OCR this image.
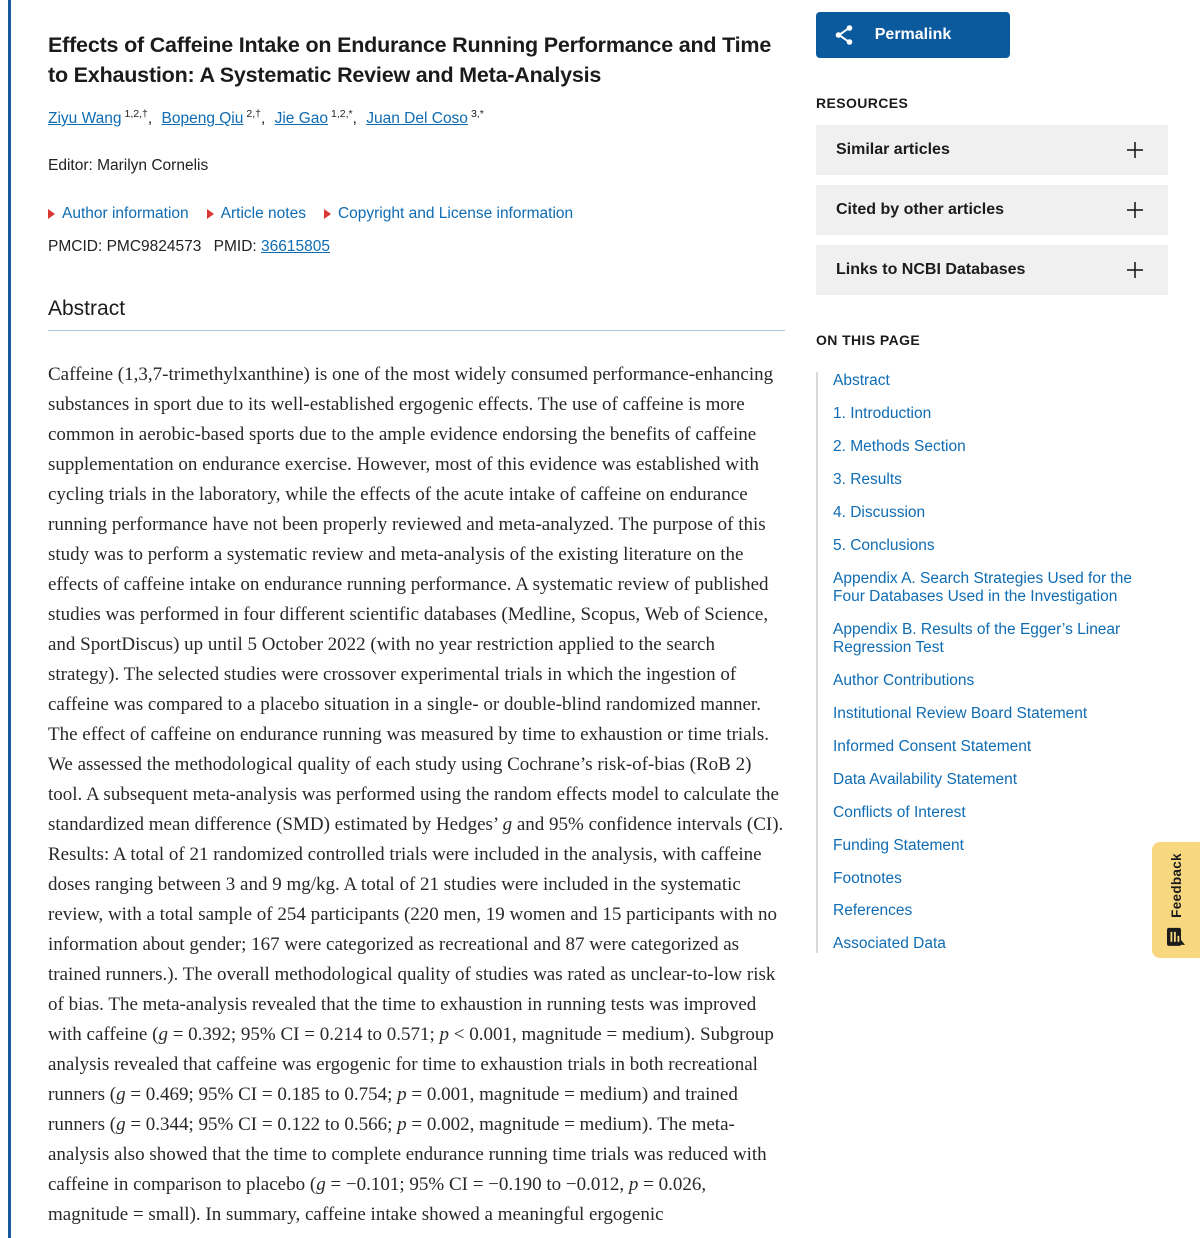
Effects of Caffeine Intake on Endurance Running Performance and Time to Exhaustion: A Systematic Review and Meta-Analysis
Ziyu Wang $^{1,2,\dagger}$, Bopeng Qiu $^{2,\dagger}$, Jie Gao $^{1,2,*}$, Juan Del Coso $^{3,*}$

Editor: Marilyn Cornelis

Author information Article notes Copyright and License information

PMCID: PMC9824573 PMID: 36615805

Abstract

Caffeine (1,3,7-trimethylxanthine) is one of the most widely consumed performance-enhancing substances in sport due to its well-established ergogenic effects. The use of caffeine is more common in aerobic-based sports due to the ample evidence endorsing the benefits of caffeine supplementation on endurance exercise. However, most of this evidence was established with cycling trials in the laboratory, while the effects of the acute intake of caffeine on endurance running performance have not been properly reviewed and meta-analyzed. The purpose of this study was to perform a systematic review and meta-analysis of the existing literature on the effects of caffeine intake on endurance running performance. A systematic review of published studies was performed in four different scientific databases (Medline, Scopus, Web of Science, and SportDiscus) up until 5 October 2022 (with no year restriction applied to the search strategy). The selected studies were crossover experimental trials in which the ingestion of caffeine was compared to a placebo situation in a single- or double-blind randomized manner. The effect of caffeine on endurance running was measured by time to exhaustion or time trials. We assessed the methodological quality of each study using Cochrane’s risk-of-bias (RoB 2) tool. A subsequent meta-analysis was performed using the random effects model to calculate the standardized mean difference (SMD) estimated by Hedges’ g and 95% confidence intervals (CI). Results: A total of 21 randomized controlled trials were included in the analysis, with caffeine doses ranging between 3 and 9 mg/kg. A total of 21 studies were included in the systematic review, with a total sample of 254 participants (220 men, 19 women and 15 participants with no information about gender; 167 were categorized as recreational and 87 were categorized as trained runners.). The overall methodological quality of studies was rated as unclear-to-low risk of bias. The meta-analysis revealed that the time to exhaustion in running tests was improved with caffeine (g = 0.392; 95% CI = 0.214 to 0.571; p < 0.001, magnitude = medium). Subgroup analysis revealed that caffeine was ergogenic for time to exhaustion trials in both recreational runners (g = 0.469; 95% CI = 0.185 to 0.754; p = 0.001, magnitude = medium) and trained runners (g = 0.344; 95% CI = 0.122 to 0.566; p = 0.002, magnitude = medium). The meta-analysis also showed that the time to complete endurance running time trials was reduced with caffeine in comparison to placebo (g = −0.101; 95% CI = −0.190 to −0.012, p = 0.026, magnitude = small). In summary, caffeine intake showed a meaningful ergogenic

Permalink
RESOURCES
Similar articles
Cited by other articles
Links to NCBI Databases
ON THIS PAGE
Abstract
1. Introduction
2. Methods Section
3. Results
4. Discussion
5. Conclusions
Appendix A. Search Strategies Used for the Four Databases Used in the Investigation
Appendix B. Results of the Egger’s Linear Regression Test
Author Contributions
Institutional Review Board Statement
Informed Consent Statement
Data Availability Statement
Conflicts of Interest
Funding Statement
Footnotes
References
Associated Data
Feedback
